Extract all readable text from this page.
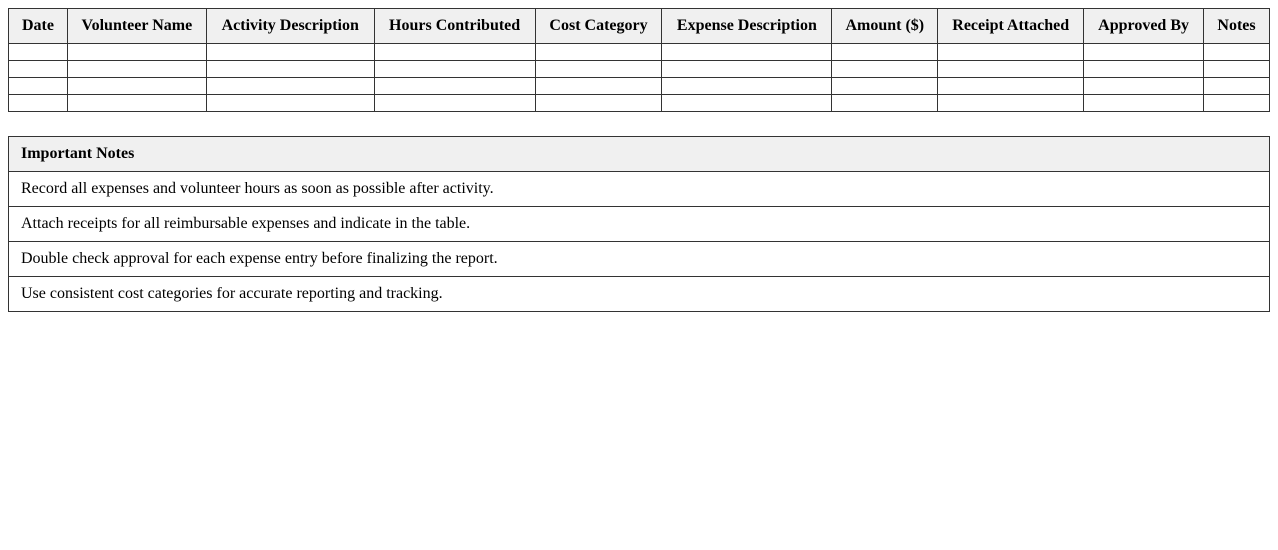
Date	Volunteer Name	Activity Description	Hours Contributed	Cost Category	Expense Description	Amount ($)	Receipt Attached	Approved By	Notes

Important Notes
Record all expenses and volunteer hours as soon as possible after activity.
Attach receipts for all reimbursable expenses and indicate in the table.
Double check approval for each expense entry before finalizing the report.
Use consistent cost categories for accurate reporting and tracking.
